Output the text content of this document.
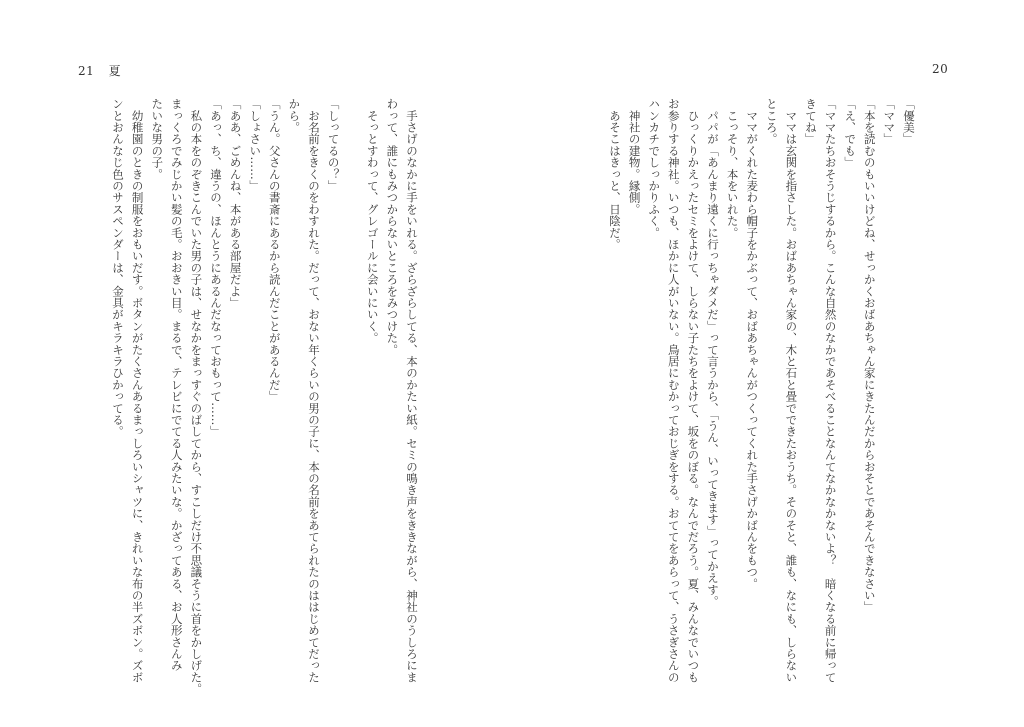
21 夏	20
「優美」
「ママ」
「本を読むのもいいけどね、せっかくおばあちゃん家にきたんだからおそとであそんできなさい」
「え、でも」
「ママたちおそうじするから。こんな自然のなかであそべることなんてなかなかないよ？　暗くなる前に帰って
きてね」
　ママは玄関を指さした。おばあちゃん家の、木と石と畳でできたおうち。そのそと、誰も、なにも、しらない
ところ。
　ママがくれた麦わら帽子をかぶって、おばあちゃんがつくってくれた手さげかばんをもつ。
　こっそり、本をいれた。
　パパが「あんまり遠くに行っちゃダメだ」って言うから、「うん、いってきます」ってかえす。
　ひっくりかえったセミをよけて、しらない子たちをよけて、坂をのぼる。なんでだろう。夏、みんなでいつも
お参りする神社。いつも、ほかに人がいない。鳥居にむかっておじぎをする。おててをあらって、うさぎさんの
ハンカチでしっかりふく。
　神社の建物。縁側。
　あそこはきっと、日陰だ。
　手さげのなかに手をいれる。ざらざらしてる、本のかたい紙。セミの鳴き声をききながら、神社のうしろにま
わって、誰にもみつからないところをみつけた。
　そっとすわって、グレゴールに会いにいく。
「しってるの？」
　お名前をきくのをわすれた。だって、おない年くらいの男の子に、本の名前をあてられたのははじめてだった
から。
「うん。父さんの書斎にあるから読んだことがあるんだ」
「しょさい……」
「ああ、ごめんね、本がある部屋だよ」
「あっ、ち、違うの、ほんとうにあるんだなっておもって……」
　私の本をのぞきこんでいた男の子は、せなかをまっすぐのばしてから、すこしだけ不思議そうに首をかしげた。
まっくろでみじかい髪の毛。おおきい目。まるで、テレビにでてる人みたいな。かざってある、お人形さんみ
たいな男の子。
　幼稚園のときの制服をおもいだす。ボタンがたくさんあるまっしろいシャツに、きれいな布の半ズボン。ズボ
ンとおんなじ色のサスペンダーは、金具がキラキラひかってる。
